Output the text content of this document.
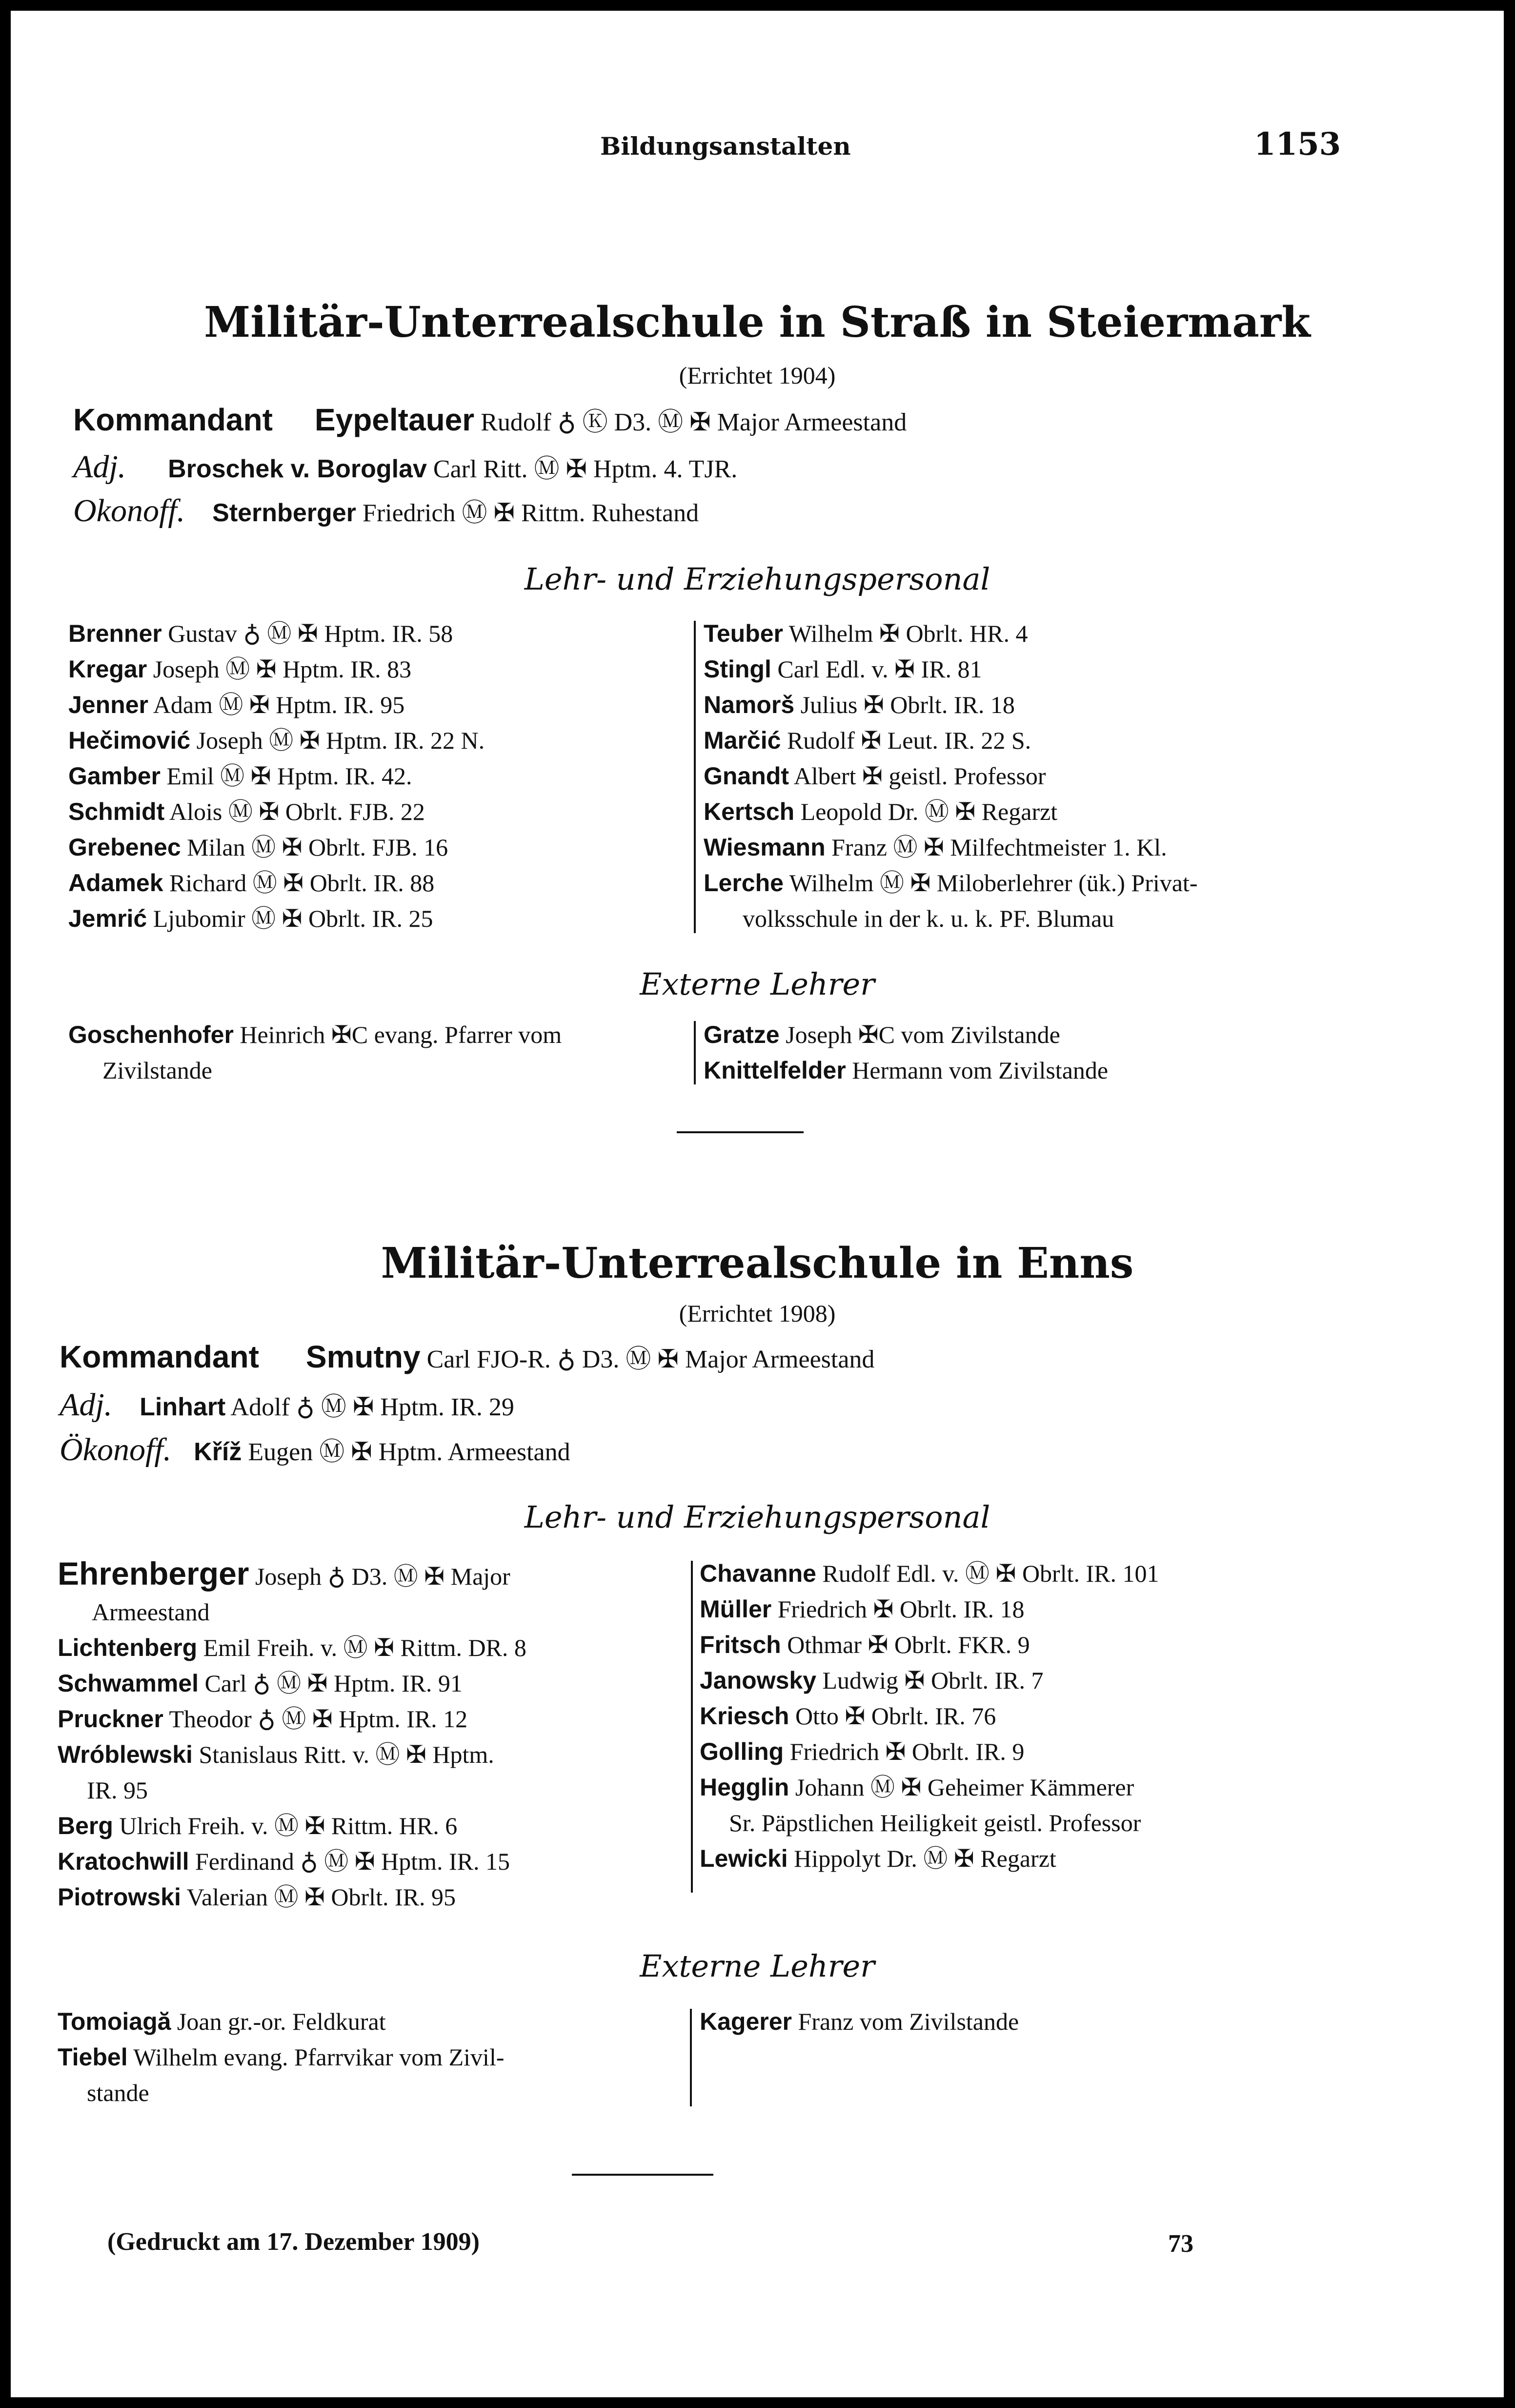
Bildungsanstalten	1153
Militär-Unterrealschule in Straß in Steiermark
(Errichtet 1904)
Kommandant Eypeltauer Rudolf ♁ Ⓚ D3. Ⓜ ✠ Major Armeestand
Adj. Broschek v. Boroglav Carl Ritt. Ⓜ ✠ Hptm. 4. TJR.
Okonoff. Sternberger Friedrich Ⓜ ✠ Rittm. Ruhestand
Lehr- und Erziehungspersonal
Brenner Gustav ♁ Ⓜ ✠ Hptm. IR. 58
Kregar Joseph Ⓜ ✠ Hptm. IR. 83
Jenner Adam Ⓜ ✠ Hptm. IR. 95
Hečimović Joseph Ⓜ ✠ Hptm. IR. 22 N.
Gamber Emil Ⓜ ✠ Hptm. IR. 42.
Schmidt Alois Ⓜ ✠ Obrlt. FJB. 22
Grebenec Milan Ⓜ ✠ Obrlt. FJB. 16
Adamek Richard Ⓜ ✠ Obrlt. IR. 88
Jemrić Ljubomir Ⓜ ✠ Obrlt. IR. 25
Teuber Wilhelm ✠ Obrlt. HR. 4
Stingl Carl Edl. v. ✠ IR. 81
Namorš Julius ✠ Obrlt. IR. 18
Marčić Rudolf ✠ Leut. IR. 22 S.
Gnandt Albert ✠ geistl. Professor
Kertsch Leopold Dr. Ⓜ ✠ Regarzt
Wiesmann Franz Ⓜ ✠ Milfechtmeister 1. Kl.
Lerche Wilhelm Ⓜ ✠ Miloberlehrer (ük.) Privat-
volksschule in der k. u. k. PF. Blumau
Externe Lehrer
Goschenhofer Heinrich ✠C evang. Pfarrer vom
Zivilstande
Gratze Joseph ✠C vom Zivilstande
Knittelfelder Hermann vom Zivilstande
Militär-Unterrealschule in Enns
(Errichtet 1908)
Kommandant Smutny Carl FJO-R. ♁ D3. Ⓜ ✠ Major Armeestand
Adj. Linhart Adolf ♁ Ⓜ ✠ Hptm. IR. 29
Ökonoff. Kříž Eugen Ⓜ ✠ Hptm. Armeestand
Lehr- und Erziehungspersonal
Ehrenberger Joseph ♁ D3. Ⓜ ✠ Major
Armeestand
Lichtenberg Emil Freih. v. Ⓜ ✠ Rittm. DR. 8
Schwammel Carl ♁ Ⓜ ✠ Hptm. IR. 91
Pruckner Theodor ♁ Ⓜ ✠ Hptm. IR. 12
Wróblewski Stanislaus Ritt. v. Ⓜ ✠ Hptm.
IR. 95
Berg Ulrich Freih. v. Ⓜ ✠ Rittm. HR. 6
Kratochwill Ferdinand ♁ Ⓜ ✠ Hptm. IR. 15
Piotrowski Valerian Ⓜ ✠ Obrlt. IR. 95
Chavanne Rudolf Edl. v. Ⓜ ✠ Obrlt. IR. 101
Müller Friedrich ✠ Obrlt. IR. 18
Fritsch Othmar ✠ Obrlt. FKR. 9
Janowsky Ludwig ✠ Obrlt. IR. 7
Kriesch Otto ✠ Obrlt. IR. 76
Golling Friedrich ✠ Obrlt. IR. 9
Hegglin Johann Ⓜ ✠ Geheimer Kämmerer
Sr. Päpstlichen Heiligkeit geistl. Professor
Lewicki Hippolyt Dr. Ⓜ ✠ Regarzt
Externe Lehrer
Tomoiagă Joan gr.-or. Feldkurat
Tiebel Wilhelm evang. Pfarrvikar vom Zivil-
stande
Kagerer Franz vom Zivilstande
(Gedruckt am 17. Dezember 1909)	73
